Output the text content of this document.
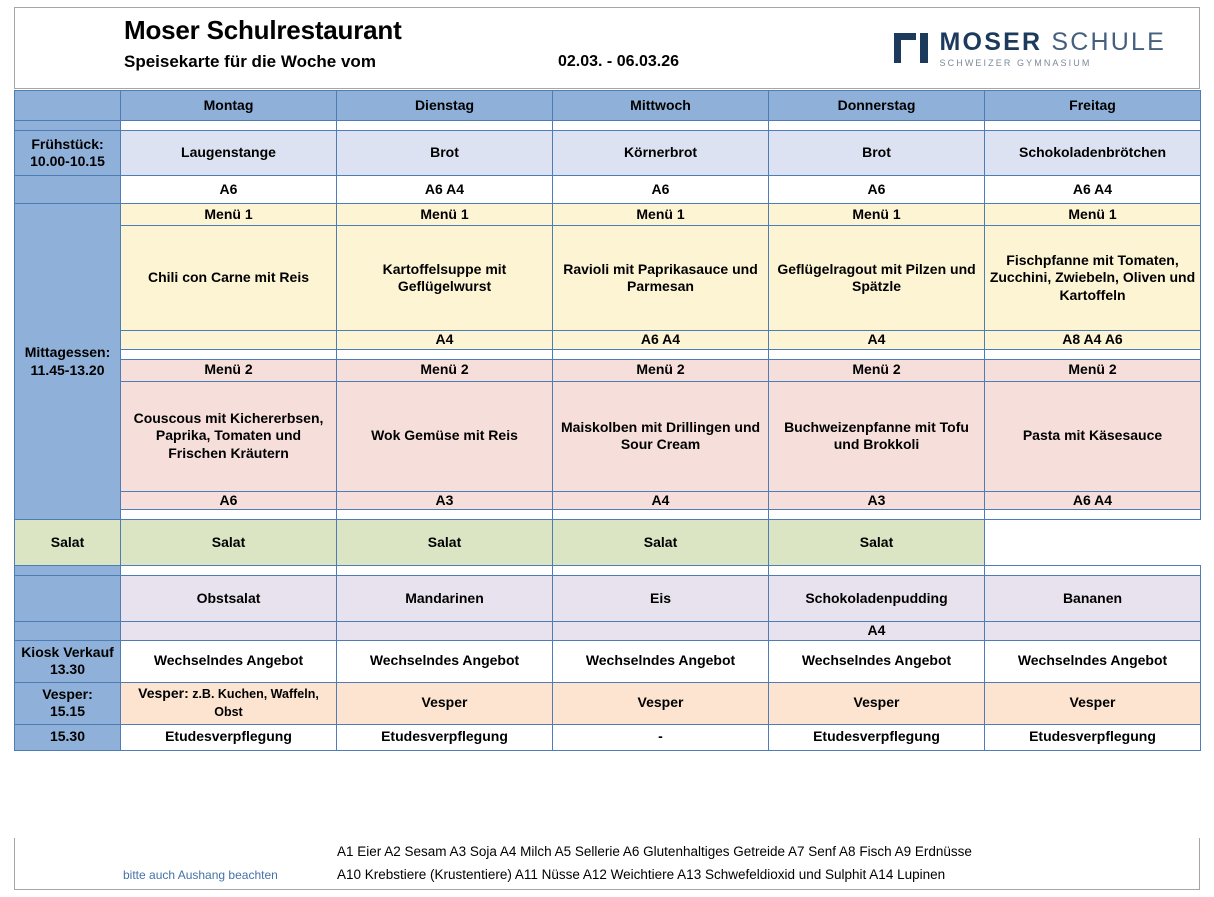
Moser Schulrestaurant
Speisekarte für die Woche vom	02.03. - 06.03.26
MOSER SCHULE
SCHWEIZER GYMNASIUM
	Montag	Dienstag	Mittwoch	Donnerstag	Freitag

Frühstück:
10.00-10.15	Laugenstange	Brot	Körnerbrot	Brot	Schokoladenbrötchen
	A6	A6 A4	A6	A6	A6 A4

Mittagessen:
11.45-13.20	Menü 1	Menü 1	Menü 1	Menü 1	Menü 1
	Chili con Carne mit Reis	Kartoffelsuppe mit Geflügelwurst	Ravioli mit Paprikasauce und Parmesan	Geflügelragout mit Pilzen und Spätzle	Fischpfanne mit Tomaten, Zucchini, Zwiebeln, Oliven und Kartoffeln
		A4	A6 A4	A4	A8 A4 A6

	Menü 2	Menü 2	Menü 2	Menü 2	Menü 2
	Couscous mit Kichererbsen, Paprika, Tomaten und Frischen Kräutern	Wok Gemüse mit Reis	Maiskolben mit Drillingen und Sour Cream	Buchweizenpfanne mit Tofu und Brokkoli	Pasta mit Käsesauce
	A6	A3	A4	A3	A6 A4

Salat	Salat	Salat	Salat	Salat	

	Obstsalat	Mandarinen	Eis	Schokoladenpudding	Bananen
				A4	

Kiosk Verkauf
13.30	Wechselndes Angebot	Wechselndes Angebot	Wechselndes Angebot	Wechselndes Angebot	Wechselndes Angebot

Vesper:
15.15	Vesper: z.B. Kuchen, Waffeln, Obst	Vesper	Vesper	Vesper	Vesper
15.30	Etudesverpflegung	Etudesverpflegung	-	Etudesverpflegung	Etudesverpflegung
bitte auch Aushang beachten
A1 Eier A2 Sesam A3 Soja A4 Milch A5 Sellerie A6 Glutenhaltiges Getreide A7 Senf A8 Fisch A9 Erdnüsse
A10 Krebstiere (Krustentiere) A11 Nüsse A12 Weichtiere A13 Schwefeldioxid und Sulphit A14 Lupinen
